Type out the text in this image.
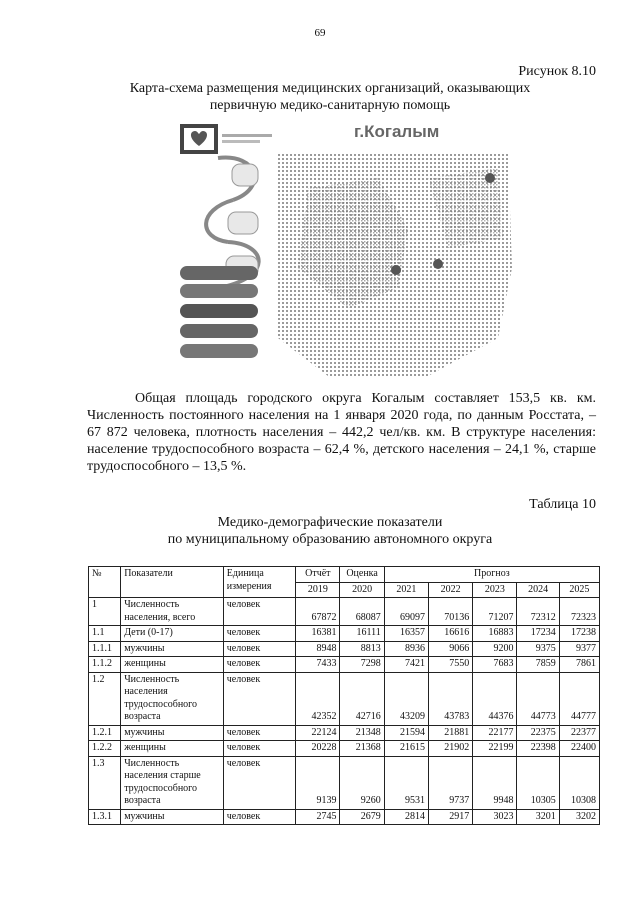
69
Рисунок 8.10
Карта-схема размещения медицинских организаций, оказывающих первичную медико-санитарную помощь
г.Когалым

Общая площадь городского округа Когалым составляет 153,5 кв. км. Численность постоянного населения на 1 января 2020 года, по данным Росстата, – 67 872 человека, плотность населения – 442,2 чел/кв. км. В структуре населения: население трудоспособного возраста – 62,4 %, детского населения – 24,1 %, старше трудоспособного – 13,5 %.

Таблица 10
Медико-демографические показатели
по муниципальному образованию автономного округа
№	Показатели	Единица измерения	Отчёт	Оценка	Прогноз				
			2019	2020	2021	2022	2023	2024	2025
1	Численность населения, всего	человек	67872	68087	69097	70136	71207	72312	72323
1.1	Дети (0-17)	человек	16381	16111	16357	16616	16883	17234	17238
1.1.1	мужчины	человек	8948	8813	8936	9066	9200	9375	9377
1.1.2	женщины	человек	7433	7298	7421	7550	7683	7859	7861
1.2	Численность населения трудоспособного возраста	человек	42352	42716	43209	43783	44376	44773	44777
1.2.1	мужчины	человек	22124	21348	21594	21881	22177	22375	22377
1.2.2	женщины	человек	20228	21368	21615	21902	22199	22398	22400
1.3	Численность населения старше трудоспособного возраста	человек	9139	9260	9531	9737	9948	10305	10308
1.3.1	мужчины	человек	2745	2679	2814	2917	3023	3201	3202
